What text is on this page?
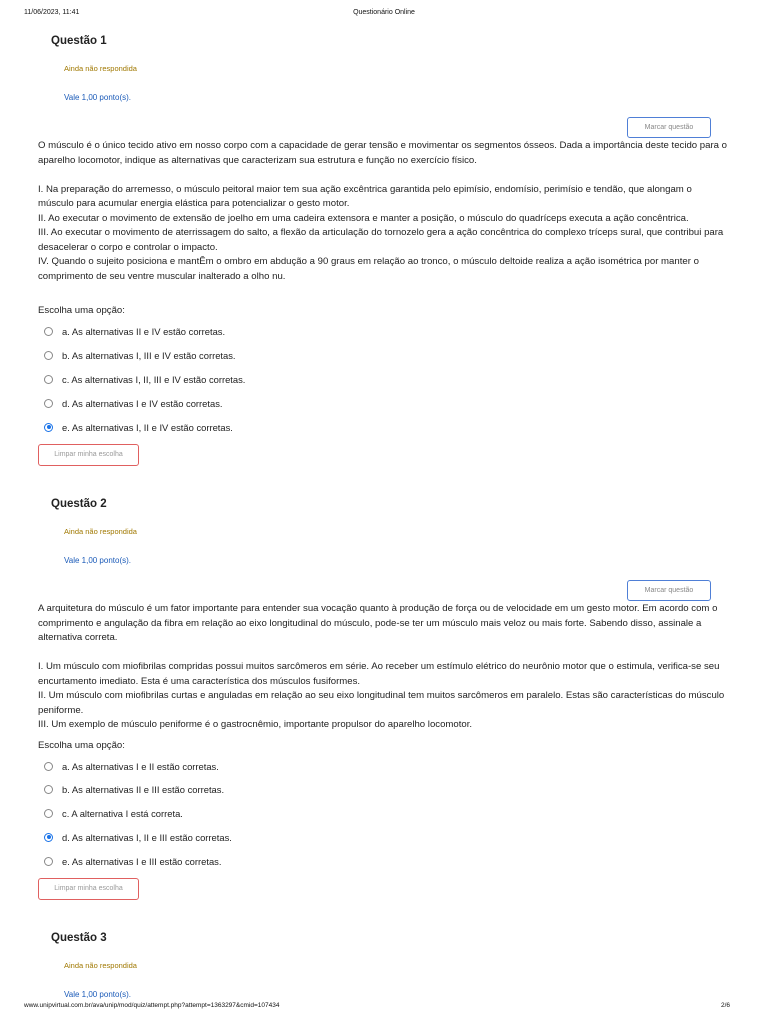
11/06/2023, 11:41	Questionário Online
Questão 1
Ainda não respondida
Vale 1,00 ponto(s).
Marcar questão

O músculo é o único tecido ativo em nosso corpo com a capacidade de gerar tensão e movimentar os segmentos ósseos. Dada a importância deste tecido para o aparelho locomotor, indique as alternativas que caracterizam sua estrutura e função no exercício físico.

I. Na preparação do arremesso, o músculo peitoral maior tem sua ação excêntrica garantida pelo epimísio, endomísio, perimísio e tendão, que alongam o músculo para acumular energia elástica para potencializar o gesto motor.

II. Ao executar o movimento de extensão de joelho em uma cadeira extensora e manter a posição, o músculo do quadríceps executa a ação concêntrica.

III. Ao executar o movimento de aterrissagem do salto, a flexão da articulação do tornozelo gera a ação concêntrica do complexo tríceps sural, que contribui para desacelerar o corpo e controlar o impacto.

IV. Quando o sujeito posiciona e mantÊm o ombro em abdução a 90 graus em relação ao tronco, o músculo deltoide realiza a ação isométrica por manter o comprimento de seu ventre muscular inalterado a olho nu.

Escolha uma opção:
a. As alternativas II e IV estão corretas.
b. As alternativas I, III e IV estão corretas.
c. As alternativas I, II, III e IV estão corretas.
d. As alternativas I e IV estão corretas.
e. As alternativas I, II e IV estão corretas.
Limpar minha escolha
Questão 2
Ainda não respondida
Vale 1,00 ponto(s).
Marcar questão

A arquitetura do músculo é um fator importante para entender sua vocação quanto à produção de força ou de velocidade em um gesto motor. Em acordo com o comprimento e angulação da fibra em relação ao eixo longitudinal do músculo, pode-se ter um músculo mais veloz ou mais forte. Sabendo disso, assinale a alternativa correta.

I. Um músculo com miofibrilas compridas possui muitos sarcômeros em série. Ao receber um estímulo elétrico do neurônio motor que o estimula, verifica-se seu encurtamento imediato. Esta é uma característica dos músculos fusiformes.

II. Um músculo com miofibrilas curtas e anguladas em relação ao seu eixo longitudinal tem muitos sarcômeros em paralelo. Estas são características do músculo peniforme.

III. Um exemplo de músculo peniforme é o gastrocnêmio, importante propulsor do aparelho locomotor.

Escolha uma opção:
a. As alternativas I e II estão corretas.
b. As alternativas II e III estão corretas.
c. A alternativa I está correta.
d. As alternativas I, II e III estão corretas.
e. As alternativas I e III estão corretas.
Limpar minha escolha
Questão 3
Ainda não respondida
Vale 1,00 ponto(s).
www.unipvirtual.com.br/ava/unip/mod/quiz/attempt.php?attempt=1363297&cmid=107434	2/6
